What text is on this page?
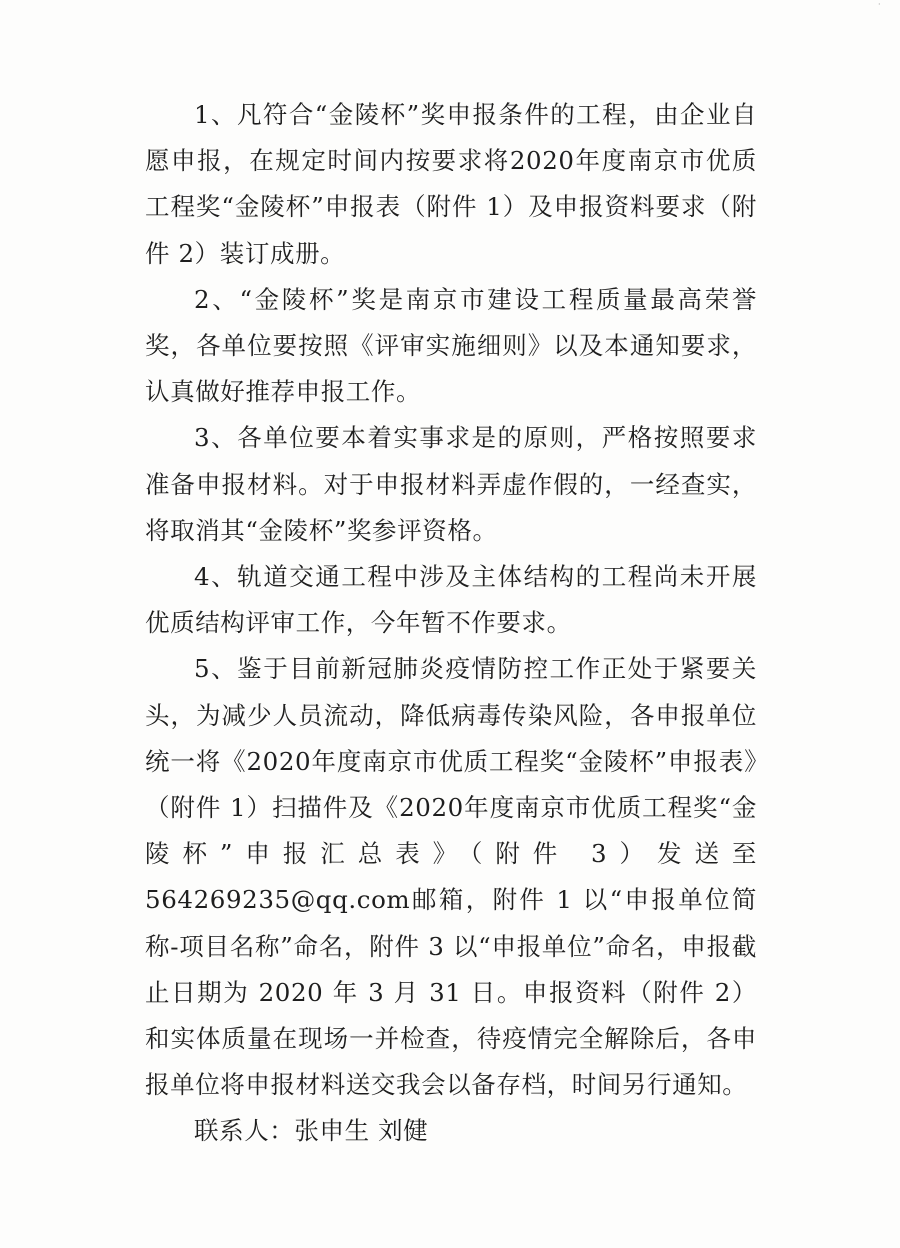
·

1、凡符合“金陵杯”奖申报条件的工程，由企业自愿申报，在规定时间内按要求将2020年度南京市优质工程奖“金陵杯”申报表（附件 1）及申报资料要求（附件 2）装订成册。

2、“金陵杯”奖是南京市建设工程质量最高荣誉奖，各单位要按照《评审实施细则》以及本通知要求，认真做好推荐申报工作。

3、各单位要本着实事求是的原则，严格按照要求准备申报材料。对于申报材料弄虚作假的，一经查实，将取消其“金陵杯”奖参评资格。

4、轨道交通工程中涉及主体结构的工程尚未开展优质结构评审工作，今年暂不作要求。

5、鉴于目前新冠肺炎疫情防控工作正处于紧要关头，为减少人员流动，降低病毒传染风险，各申报单位统一将《2020年度南京市优质工程奖“金陵杯”申报表》（附件 1）扫描件及《2020年度南京市优质工程奖“金陵杯”申报汇总表》（附件 3）发送至564269235@qq.com邮箱，附件 1 以“申报单位简称-项目名称”命名，附件 3 以“申报单位”命名，申报截止日期为 2020 年 3 月 31 日。申报资料（附件 2）和实体质量在现场一并检查，待疫情完全解除后，各申报单位将申报材料送交我会以备存档，时间另行通知。

联系人：张申生 刘健
